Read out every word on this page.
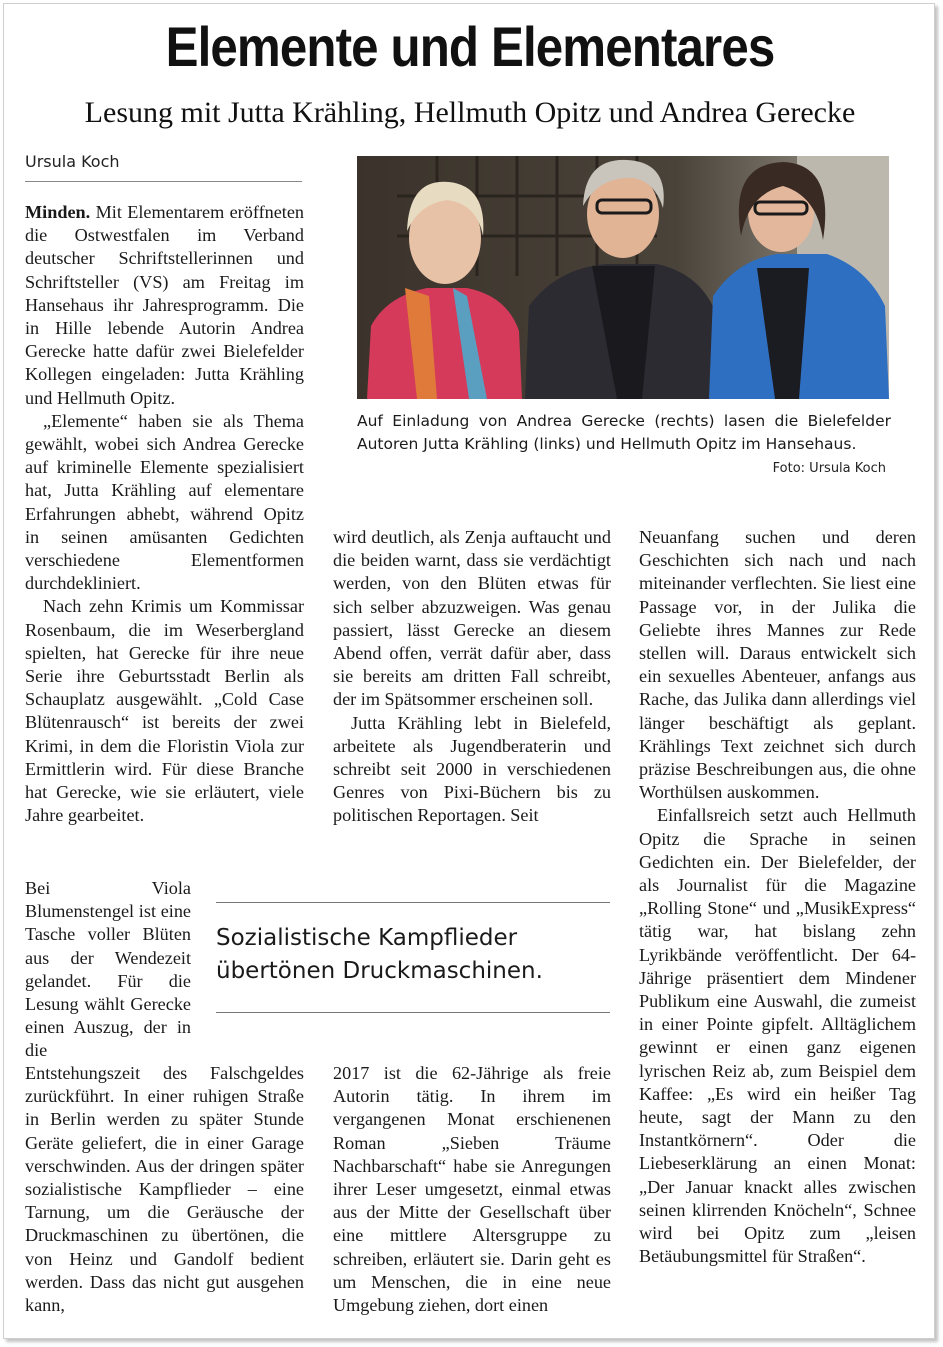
Elemente und Elementares
Lesung mit Jutta Krähling, Hellmuth Opitz und Andrea Gerecke
Ursula Koch

Minden. Mit Elementarem eröffneten die Ostwestfalen im Verband deutscher Schriftstellerinnen und Schriftsteller (VS) am Freitag im Hansehaus ihr Jahresprogramm. Die in Hille lebende Autorin Andrea Gerecke hatte dafür zwei Bielefelder Kollegen eingeladen: Jutta Krähling und Hellmuth Opitz.

„Elemente“ haben sie als Thema gewählt, wobei sich Andrea Gerecke auf kriminelle Elemente spezialisiert hat, Jutta Krähling auf elementare Erfahrungen abhebt, während Opitz in seinen amüsanten Gedichten verschiedene Elementformen durchdekliniert.

Nach zehn Krimis um Kommissar Rosenbaum, die im Weserbergland spielten, hat Gerecke für ihre neue Serie ihre Geburtsstadt Berlin als Schauplatz ausgewählt. „Cold Case Blütenrausch“ ist bereits der zwei Krimi, in dem die Floristin Viola zur Ermittlerin wird. Für diese Branche hat Gerecke, wie sie erläutert, viele Jahre gearbeitet.

Bei Viola Blumenstengel ist eine Tasche voller Blüten aus der Wendezeit gelandet. Für die Lesung wählt Gerecke einen Auszug, der in die

Entstehungszeit des Falschgeldes zurückführt. In einer ruhigen Straße in Berlin werden zu später Stunde Geräte geliefert, die in einer Garage verschwinden. Aus der dringen später sozialistische Kampflieder – eine Tarnung, um die Geräusche der Druckmaschinen zu übertönen, die von Heinz und Gandolf bedient werden. Dass das nicht gut ausgehen kann,

Auf Einladung von Andrea Gerecke (rechts) lasen die Bielefelder Autoren Jutta Krähling (links) und Hellmuth Opitz im Hansehaus.
Foto: Ursula Koch

wird deutlich, als Zenja auftaucht und die beiden warnt, dass sie verdächtigt werden, von den Blüten etwas für sich selber abzuzweigen. Was genau passiert, lässt Gerecke an diesem Abend offen, verrät dafür aber, dass sie bereits am dritten Fall schreibt, der im Spätsommer erscheinen soll.

Jutta Krähling lebt in Bielefeld, arbeitete als Jugendberaterin und schreibt seit 2000 in verschiedenen Genres von Pixi-Büchern bis zu politischen Reportagen. Seit

Sozialistische Kampflieder übertönen Druckmaschinen.

2017 ist die 62-Jährige als freie Autorin tätig. In ihrem im vergangenen Monat erschienenen Roman „Sieben Träume Nachbarschaft“ habe sie Anregungen ihrer Leser umgesetzt, einmal etwas aus der Mitte der Gesellschaft über eine mittlere Altersgruppe zu schreiben, erläutert sie. Darin geht es um Menschen, die in eine neue Umgebung ziehen, dort einen

Neuanfang suchen und deren Geschichten sich nach und nach miteinander verflechten. Sie liest eine Passage vor, in der Julika die Geliebte ihres Mannes zur Rede stellen will. Daraus entwickelt sich ein sexuelles Abenteuer, anfangs aus Rache, das Julika dann allerdings viel länger beschäftigt als geplant. Krählings Text zeichnet sich durch präzise Beschreibungen aus, die ohne Worthülsen auskommen.

Einfallsreich setzt auch Hellmuth Opitz die Sprache in seinen Gedichten ein. Der Bielefelder, der als Journalist für die Magazine „Rolling Stone“ und „MusikExpress“ tätig war, hat bislang zehn Lyrikbände veröffentlicht. Der 64-Jährige präsentiert dem Mindener Publikum eine Auswahl, die zumeist in einer Pointe gipfelt. Alltäglichem gewinnt er einen ganz eigenen lyrischen Reiz ab, zum Beispiel dem Kaffee: „Es wird ein heißer Tag heute, sagt der Mann zu den Instantkörnern“. Oder die Liebeserklärung an einen Monat: „Der Januar knackt alles zwischen seinen klirrenden Knöcheln“, Schnee wird bei Opitz zum „leisen Betäubungsmittel für Straßen“.
